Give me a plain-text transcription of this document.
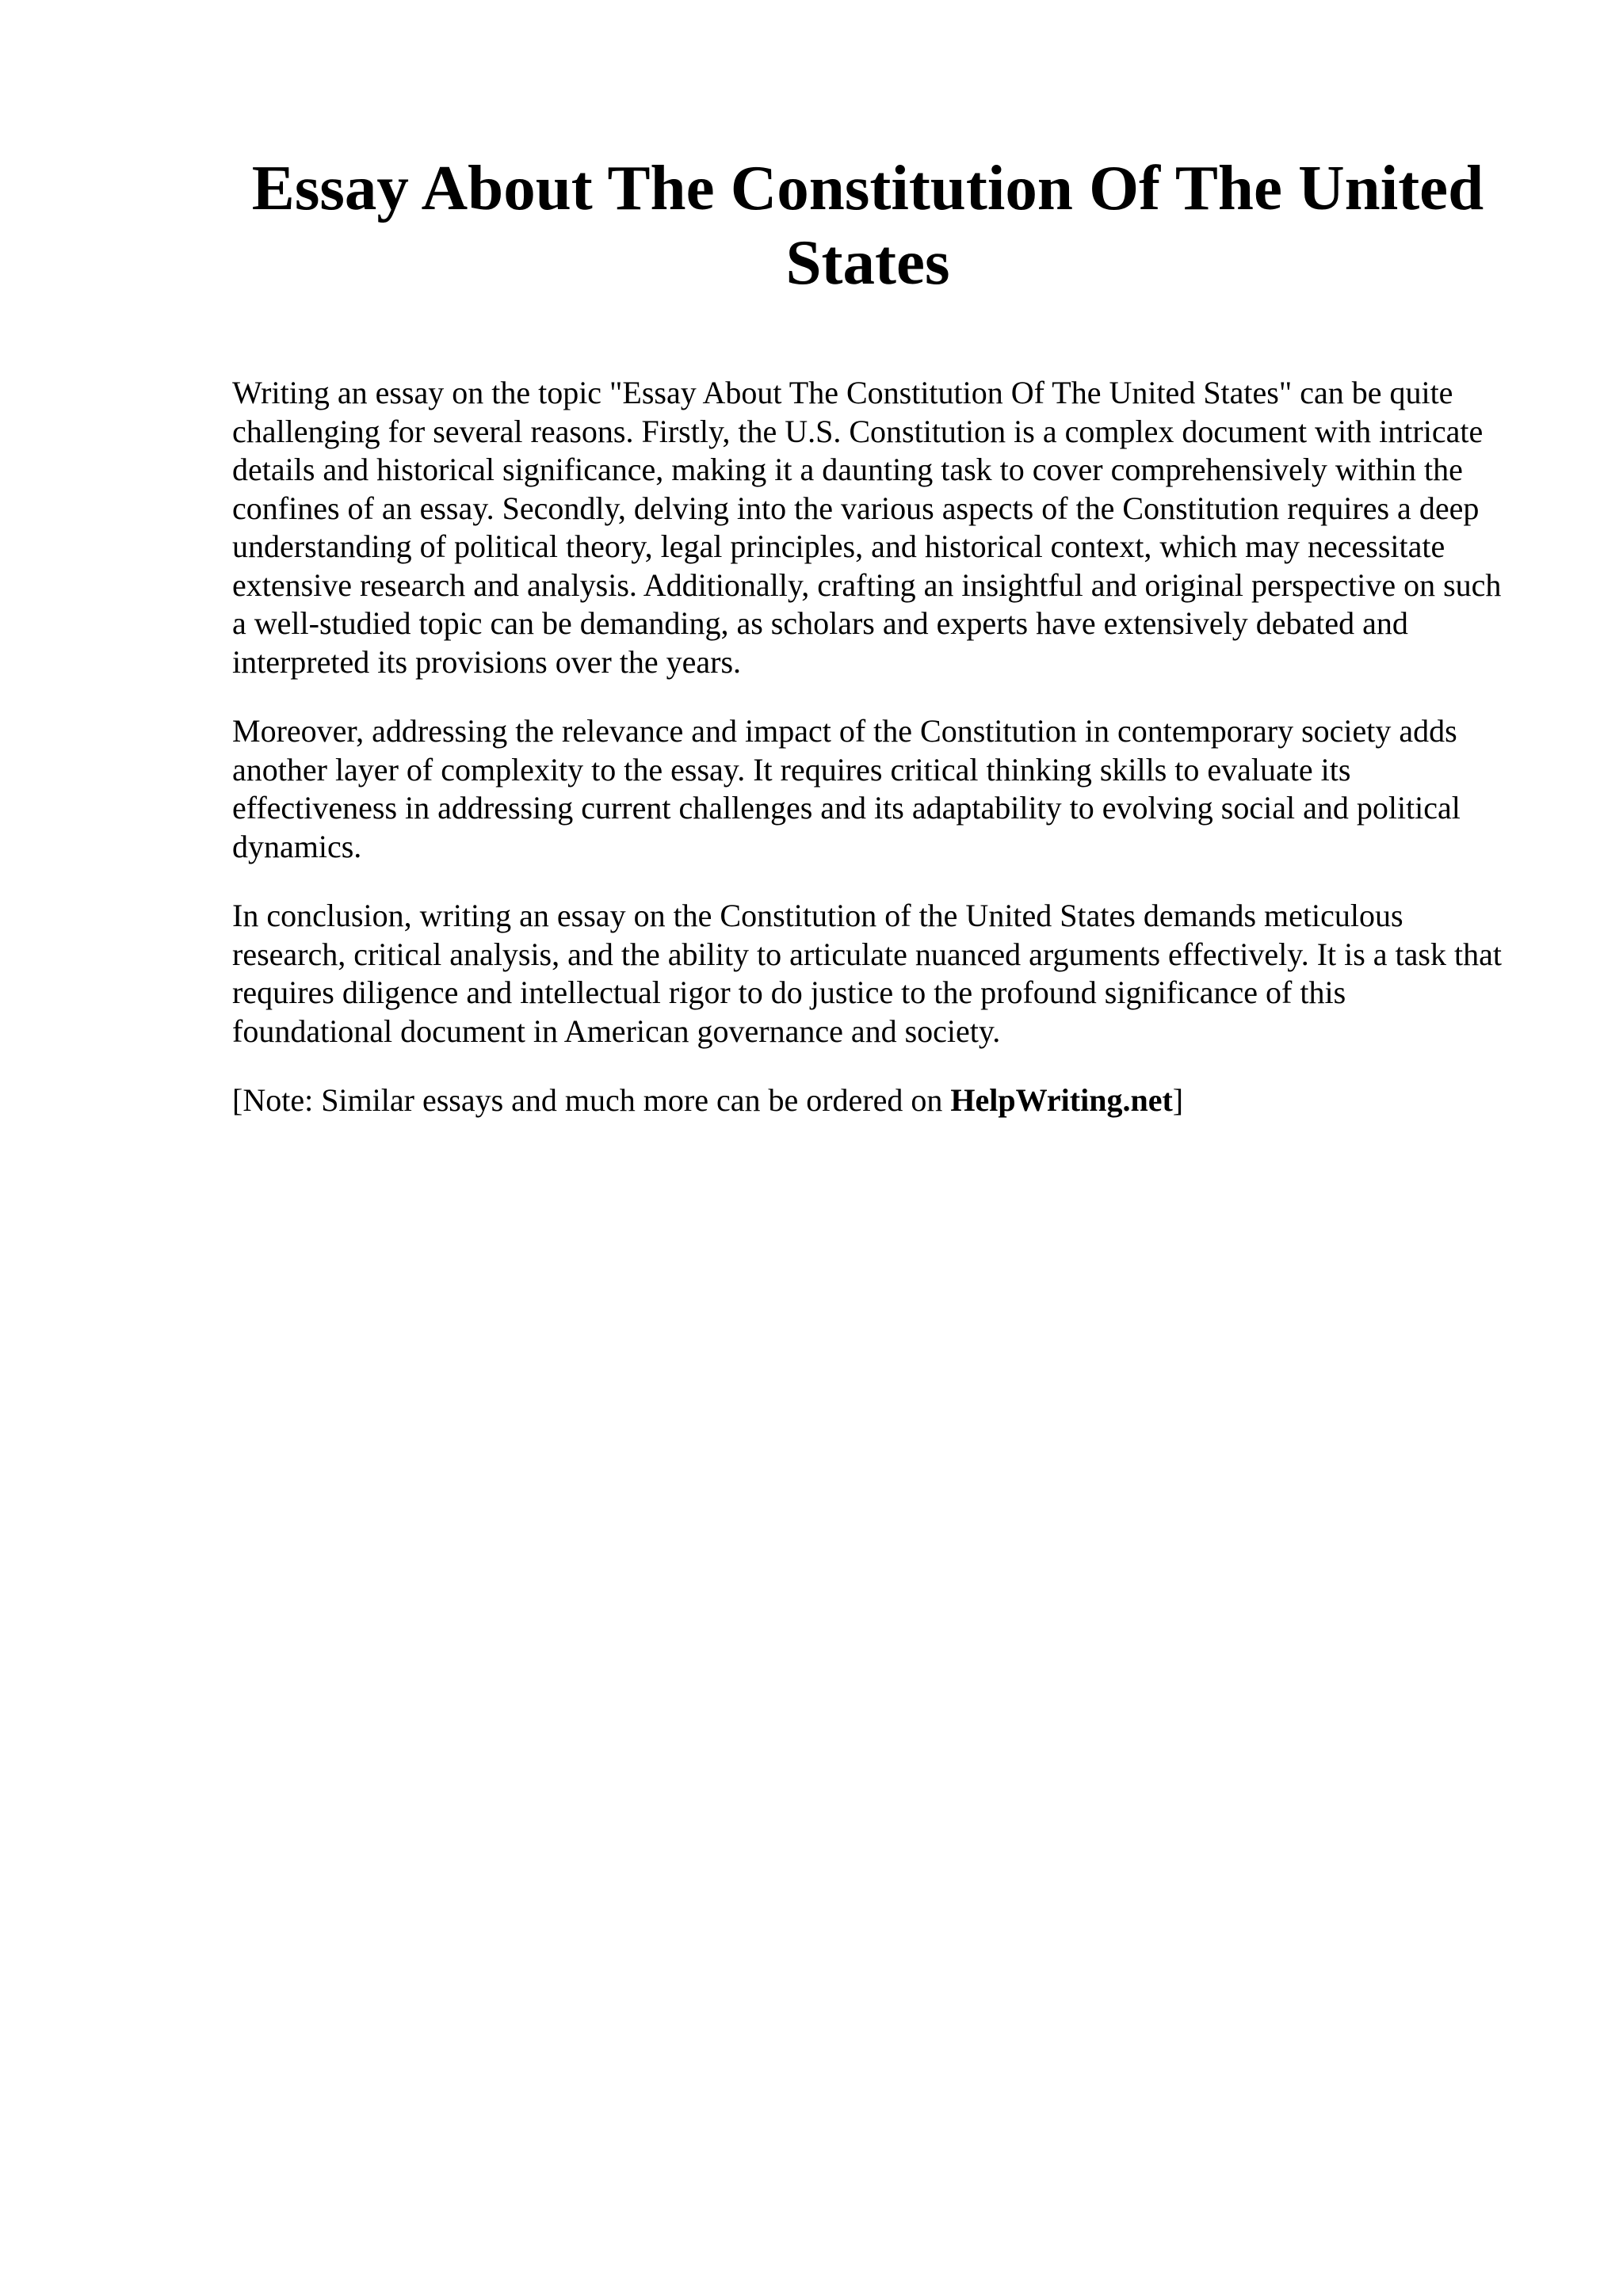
Essay About The Constitution Of The United States

Writing an essay on the topic "Essay About The Constitution Of The United States" can be quite challenging for several reasons. Firstly, the U.S. Constitution is a complex document with intricate details and historical significance, making it a daunting task to cover comprehensively within the confines of an essay. Secondly, delving into the various aspects of the Constitution requires a deep understanding of political theory, legal principles, and historical context, which may necessitate extensive research and analysis. Additionally, crafting an insightful and original perspective on such a well-studied topic can be demanding, as scholars and experts have extensively debated and interpreted its provisions over the years.

Moreover, addressing the relevance and impact of the Constitution in contemporary society adds another layer of complexity to the essay. It requires critical thinking skills to evaluate its effectiveness in addressing current challenges and its adaptability to evolving social and political dynamics.

In conclusion, writing an essay on the Constitution of the United States demands meticulous research, critical analysis, and the ability to articulate nuanced arguments effectively. It is a task that requires diligence and intellectual rigor to do justice to the profound significance of this foundational document in American governance and society.

[Note: Similar essays and much more can be ordered on HelpWriting.net]
